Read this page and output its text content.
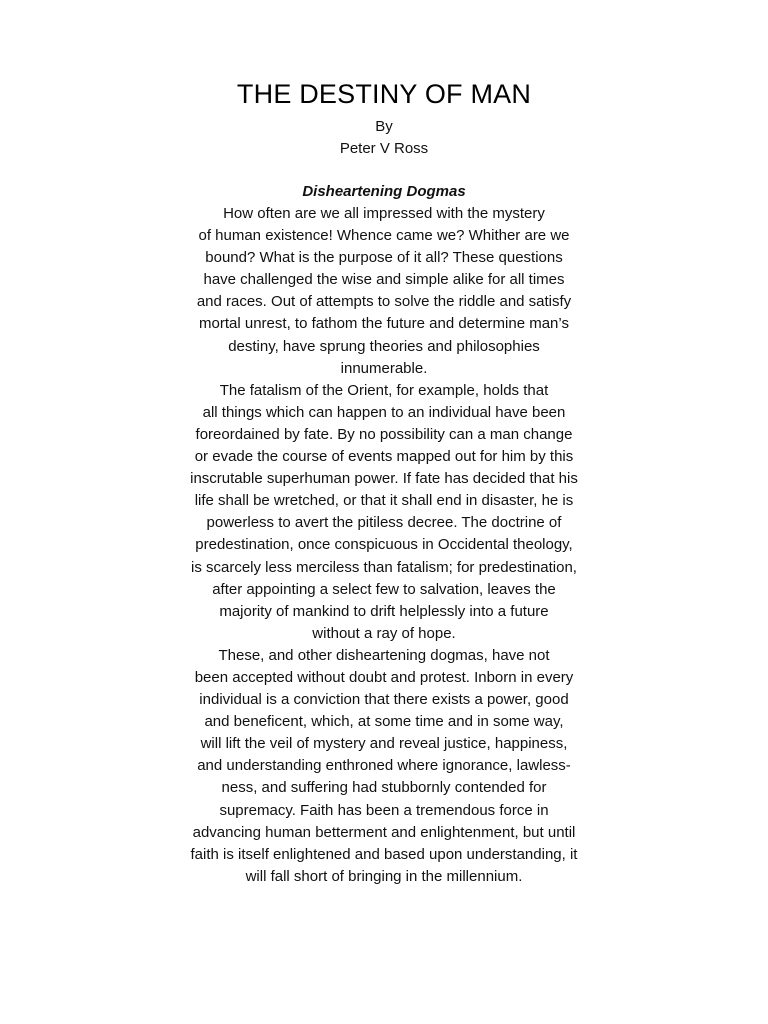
THE DESTINY OF MAN
By
Peter V Ross
Disheartening Dogmas

How often are we all impressed with the mystery
of human existence! Whence came we? Whither are we
bound? What is the purpose of it all? These questions
have challenged the wise and simple alike for all times
and races. Out of attempts to solve the riddle and satisfy
mortal unrest, to fathom the future and determine man’s
destiny, have sprung theories and philosophies
innumerable.

The fatalism of the Orient, for example, holds that
all things which can happen to an individual have been
foreordained by fate. By no possibility can a man change
or evade the course of events mapped out for him by this
inscrutable superhuman power. If fate has decided that his
life shall be wretched, or that it shall end in disaster, he is
powerless to avert the pitiless decree. The doctrine of
predestination, once conspicuous in Occidental theology,
is scarcely less merciless than fatalism; for predestination,
after appointing a select few to salvation, leaves the
majority of mankind to drift helplessly into a future
without a ray of hope.

These, and other disheartening dogmas, have not
been accepted without doubt and protest. Inborn in every
individual is a conviction that there exists a power, good
and beneficent, which, at some time and in some way,
will lift the veil of mystery and reveal justice, happiness,
and understanding enthroned where ignorance, lawless-
ness, and suffering had stubbornly contended for
supremacy. Faith has been a tremendous force in
advancing human betterment and enlightenment, but until
faith is itself enlightened and based upon understanding, it
will fall short of bringing in the millennium.
